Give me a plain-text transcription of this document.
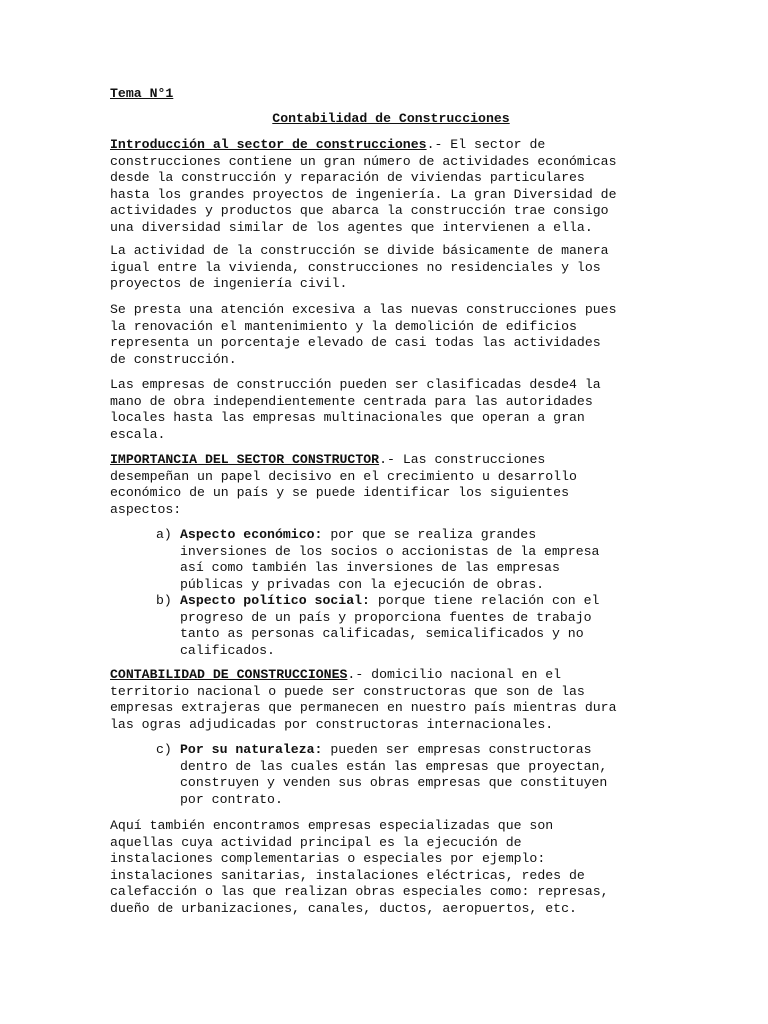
Tema N°1
Contabilidad de Construcciones

Introducción al sector de construcciones.- El sector de
construcciones contiene un gran número de actividades económicas
desde la construcción y reparación de viviendas particulares
hasta los grandes proyectos de ingeniería. La gran Diversidad de
actividades y productos que abarca la construcción trae consigo
una diversidad similar de los agentes que intervienen a ella.

La actividad de la construcción se divide básicamente de manera
igual entre la vivienda, construcciones no residenciales y los
proyectos de ingeniería civil.

Se presta una atención excesiva a las nuevas construcciones pues
la renovación el mantenimiento y la demolición de edificios
representa un porcentaje elevado de casi todas las actividades
de construcción.

Las empresas de construcción pueden ser clasificadas desde4 la
mano de obra independientemente centrada para las autoridades
locales hasta las empresas multinacionales que operan a gran
escala.

IMPORTANCIA DEL SECTOR CONSTRUCTOR.- Las construcciones
desempeñan un papel decisivo en el crecimiento u desarrollo
económico de un país y se puede identificar los siguientes
aspectos:

a) Aspecto económico: por que se realiza grandes
inversiones de los socios o accionistas de la empresa
así como también las inversiones de las empresas
públicas y privadas con la ejecución de obras.
b) Aspecto político social: porque tiene relación con el
progreso de un país y proporciona fuentes de trabajo
tanto as personas calificadas, semicalificados y no
calificados.

CONTABILIDAD DE CONSTRUCCIONES.- domicilio nacional en el
territorio nacional o puede ser constructoras que son de las
empresas extrajeras que permanecen en nuestro país mientras dura
las ogras adjudicadas por constructoras internacionales.

c) Por su naturaleza: pueden ser empresas constructoras
dentro de las cuales están las empresas que proyectan,
construyen y venden sus obras empresas que constituyen
por contrato.

Aquí también encontramos empresas especializadas que son
aquellas cuya actividad principal es la ejecución de
instalaciones complementarias o especiales por ejemplo:
instalaciones sanitarias, instalaciones eléctricas, redes de
calefacción o las que realizan obras especiales como: represas,
dueño de urbanizaciones, canales, ductos, aeropuertos, etc.
